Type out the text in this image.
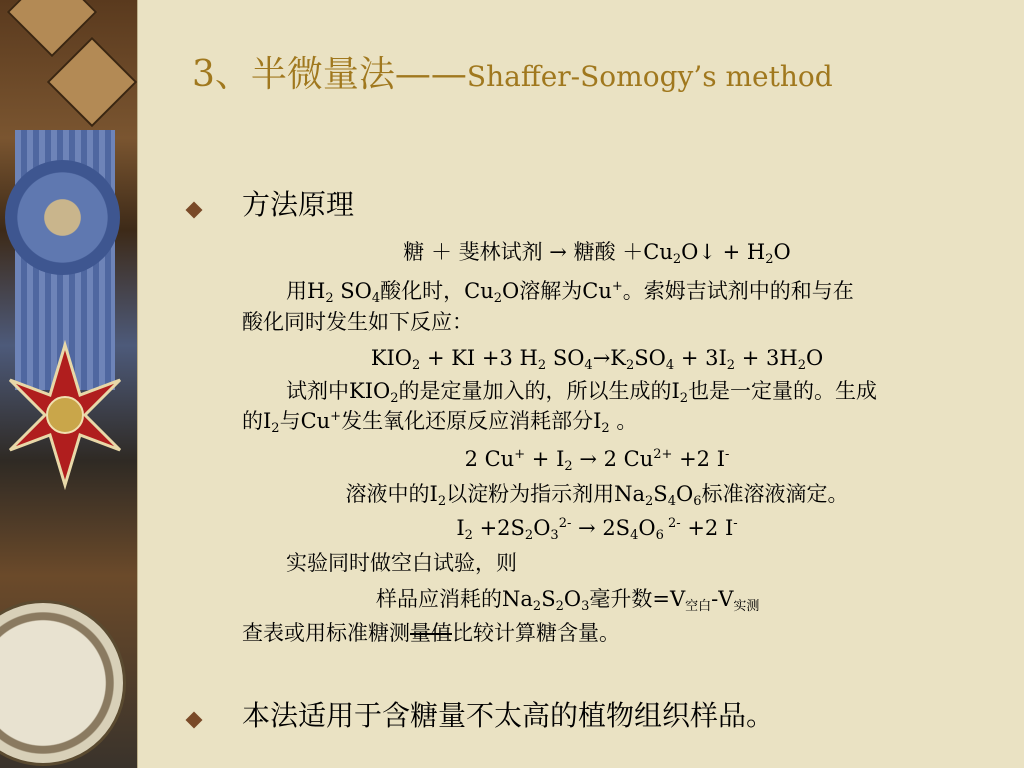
3、半微量法——Shaffer-Somogy’s method
方法原理
糖 ＋ 斐林试剂 → 糖酸 $+Cu_2O↓ + H_2O$
用$H_2$ $SO_4$酸化时，$Cu_2O$溶解为Cu+。索姆吉试剂中的和与在
酸化同时发生如下反应：
$KIO_2$ + KI +3 $H_2$ $SO_4\to K_2SO_4 + 3I_2 + 3H_2O$
试剂中$KIO_2$的是定量加入的，所以生成的$I_2$也是一定量的。生成
的$I_2$与Cu+发生氧化还原反应消耗部分$I_2$ 。
2 $Cu^+ + I_2 \to 2$ $Cu^{2+} +2$ I-
溶液中的$I_2$以淀粉为指示剂用$Na_2S_4O_6$标准溶液滴定。
$I_2 +2S_2O_3^{2-} \to 2S_4O_6$ $^{2-}$ +2 I-
实验同时做空白试验，则
样品应消耗的$Na_2S_2O_3$毫升数$=V_{空白}-V_{实测}$
查表或用标准糖测量值比较计算糖含量。
本法适用于含糖量不太高的植物组织样品。
